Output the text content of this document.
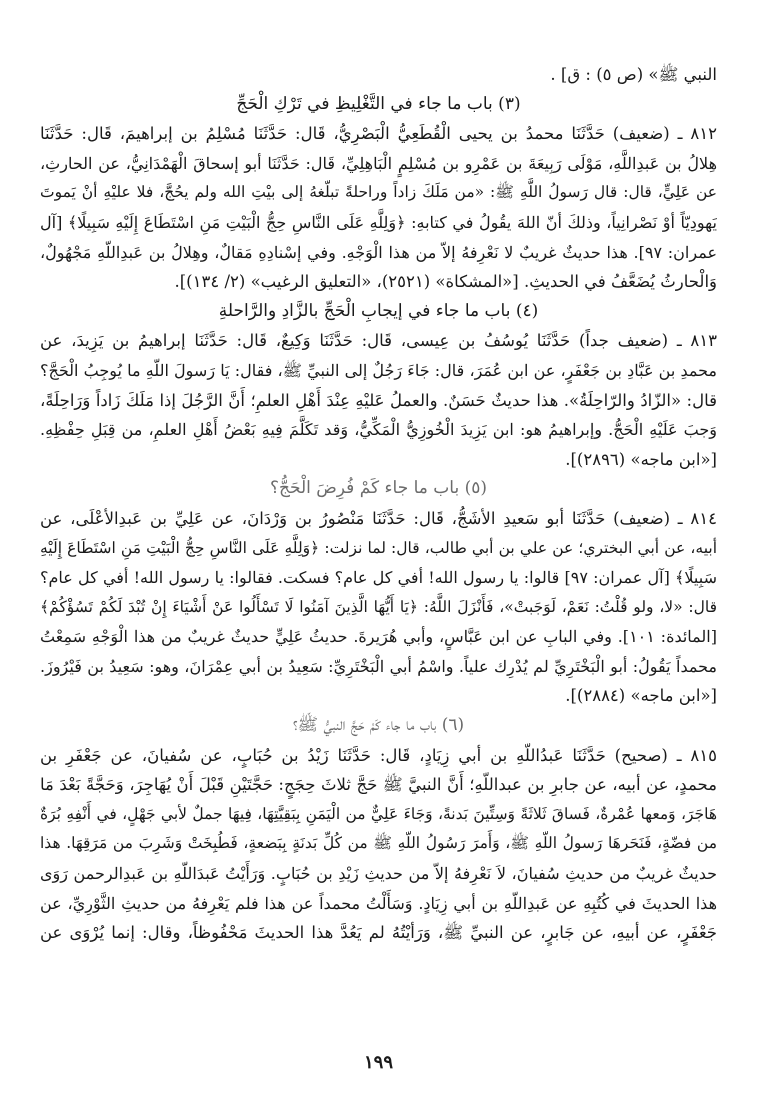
النبي ﷺ» (ص ٥) : ق] .
(٣) باب ما جاء في التَّغْلِيظِ في تَرْكِ الْحَجِّ
٨١٢ ـ (ضعيف) حَدَّثَنَا محمدُ بن يحيى الْقُطَعِيُّ الْبَصْرِيُّ، قَال: حَدَّثَنَا مُسْلِمُ بن إبراهيمَ، قَال: حَدَّثَنَا
هِلالُ بن عَبدِاللَّهِ، مَوْلَى رَبِيعَةَ بن عَمْرِو بن مُسْلِمٍ الْبَاهِلِيِّ، قَال: حَدَّثَنَا أبو إسحاقَ الْهَمْدَانِيُّ، عن الحارثِ،
عن عَلِيٍّ، قال: قال رَسولُ اللَّهِ ﷺ: «من مَلَكَ زاداً وراحلةً تبلّغهُ إلى بيْتِ الله ولم يحُجَّ، فلا عليْهِ أنْ يَموتَ
يَهودِيّاً أوْ نَصْرانِياً، وذلكَ أنّ اللهَ يقُولُ في كتابهِ: ﴿وَلِلَّهِ عَلَى النَّاسِ حِجُّ الْبَيْتِ مَنِ اسْتَطَاعَ إِلَيْهِ سَبِيلًا﴾ [آل
عمران: ٩٧]. هذا حديثٌ غريبٌ لا نَعْرِفهُ إلاّ من هذا الْوَجْهِ. وفي إسْنادِهِ مَقالٌ، وهِلالُ بن عَبدِاللّهِ مَجْهُولٌ،
وَالْحارثُ يُضَعَّفُ في الحديثِ. [«المشكاة» (٢٥٢١)، «التعليق الرغيب» (٢/ ١٣٤)].
(٤) باب ما جاء في إيجابِ الْحَجِّ بالزَّادِ والرَّاحلةِ
٨١٣ ـ (ضعيف جداً) حَدَّثَنَا يُوسُفُ بن عِيسى، قَال: حَدَّثَنَا وَكِيعٌ، قَال: حَدَّثَنَا إبراهيمُ بن يَزِيدَ، عن
محمدِ بن عَبَّادِ بن جَعْفَرٍ، عن ابن عُمَرَ، قال: جَاءَ رَجُلٌ إلى النبيِّ ﷺ، فقال: يَا رَسولَ اللّهِ ما يُوجِبُ الْحَجَّ؟
قال: «الزّادُ والرّاحِلَةُ». هذا حديثٌ حَسَنٌ. والعملُ عَليْهِ عِنْدَ أَهْلِ العلمِ؛ أَنَّ الرَّجُلَ إذا مَلَكَ زَاداً وَرَاحِلَةً،
وَجبَ عَلَيْهِ الْحَجُّ. وإبراهيمُ هو: ابن يَزِيدَ الْخُوزِيُّ الْمَكِّيُّ، وَقد تَكَلَّمَ فِيهِ بَعْضُ أَهْلِ العلمِ، من قِبَلِ حِفْظِهِ.
[«ابن ماجه» (٢٨٩٦)].
(٥) باب ما جاء كَمْ فُرِضَ الْحَجُّ؟
٨١٤ ـ (ضعيف) حَدَّثَنَا أبو سَعيدِ الأشَجُّ، قَال: حَدَّثَنَا مَنْصُورُ بن وَرْدَانَ، عن عَلِيِّ بن عَبدِالأعْلَى، عن
أبيه، عن أبي البختري؛ عن علي بن أبي طالب، قال: لما نزلت: ﴿وَلِلَّهِ عَلَى النَّاسِ حِجُّ الْبَيْتِ مَنِ اسْتَطَاعَ إِلَيْهِ
سَبِيلًا﴾ [آل عمران: ٩٧] قالوا: يا رسول الله! أفي كل عام؟ فسكت. فقالوا: يا رسول الله! أفي كل عام؟
قال: «لا، ولو قُلْتُ: نَعَمْ، لَوَجَبتْ»، فَأَنْزَلَ اللَّهُ: ﴿يَا أَيُّهَا الَّذِينَ آمَنُوا لَا تَسْأَلُوا عَنْ أَشْيَاءَ إِنْ تُبْدَ لَكُمْ تَسُؤْكُمْ﴾
[المائدة: ١٠١]. وفي البابِ عن ابن عَبَّاسٍ، وأبي هُرَيرةَ. حديثُ عَلِيٍّ حديثٌ غريبٌ من هذا الْوَجْهِ سَمِعْتُ
محمداً يَقُولُ: أبو الْبَخْتَرِيِّ لم يُدْرِك علياً. واسْمُ أبي الْبَخْتَرِيِّ: سَعِيدُ بن أبي عِمْرَانَ، وهو: سَعِيدُ بن فَيْرُوزَ.
[«ابن ماجه» (٢٨٨٤)].
(٦) باب ما جاء كَمْ حَجَّ النبيُّ ﷺ؟
٨١٥ ـ (صحيح) حَدَّثَنَا عَبدُاللّهِ بن أبي زِيَادٍ، قَال: حَدَّثَنَا زَيْدُ بن حُبَابٍ، عن سُفيانَ، عن جَعْفَرِ بن
محمدٍ، عن أبيه، عن جابرِ بن عبداللّهِ؛ أَنَّ النبيَّ ﷺ حَجَّ ثلاثَ حِجَجٍ: حَجَّتَيْنِ قَبْلَ أَنْ يُهَاجِرَ، وَحَجَّةً بَعْدَ مَا
هَاجَرَ، وَمعها عُمْرةٌ، فَساقَ ثَلاثَةً وَسِتِّينَ بَدنةً، وَجَاءَ عَلِيٌّ من الْيَمَنِ بِبَقِيَّتِهَا، فِيهَا جملٌ لأبي جَهْلٍ، في أَنْفِهِ بُرَةٌ
من فضّةٍ، فَنَحَرهَا رَسولُ اللّهِ ﷺ، وَأَمرَ رَسُولُ اللّهِ ﷺ من كُلِّ بَدنَةٍ بِبَضعةٍ، فَطُبِخَتْ وَشَرِبَ من مَرَقِهَا. هذا
حديثٌ غريبٌ من حديثِ سُفيانَ، لاَ نَعْرِفهُ إلاّ من حديثِ زَيْدِ بن حُبَابٍ. وَرَأَيْتُ عَبدَاللّهِ بن عَبدِالرحمن رَوَى
هذا الحديثَ في كُتُبِهِ عن عَبدِاللّهِ بن أبي زِيَادٍ. وَسَأَلْتُ محمداً عن هذا فلم يَعْرِفهُ من حديثِ الثَّوْرِيِّ، عن
جَعْفَرٍ، عن أبيهِ، عن جَابرٍ، عن النبيِّ ﷺ، وَرَأيْتُهُ لم يَعُدَّ هذا الحديثَ مَحْفُوظاً، وقال: إنما يُرْوَى عن
١٩٩
